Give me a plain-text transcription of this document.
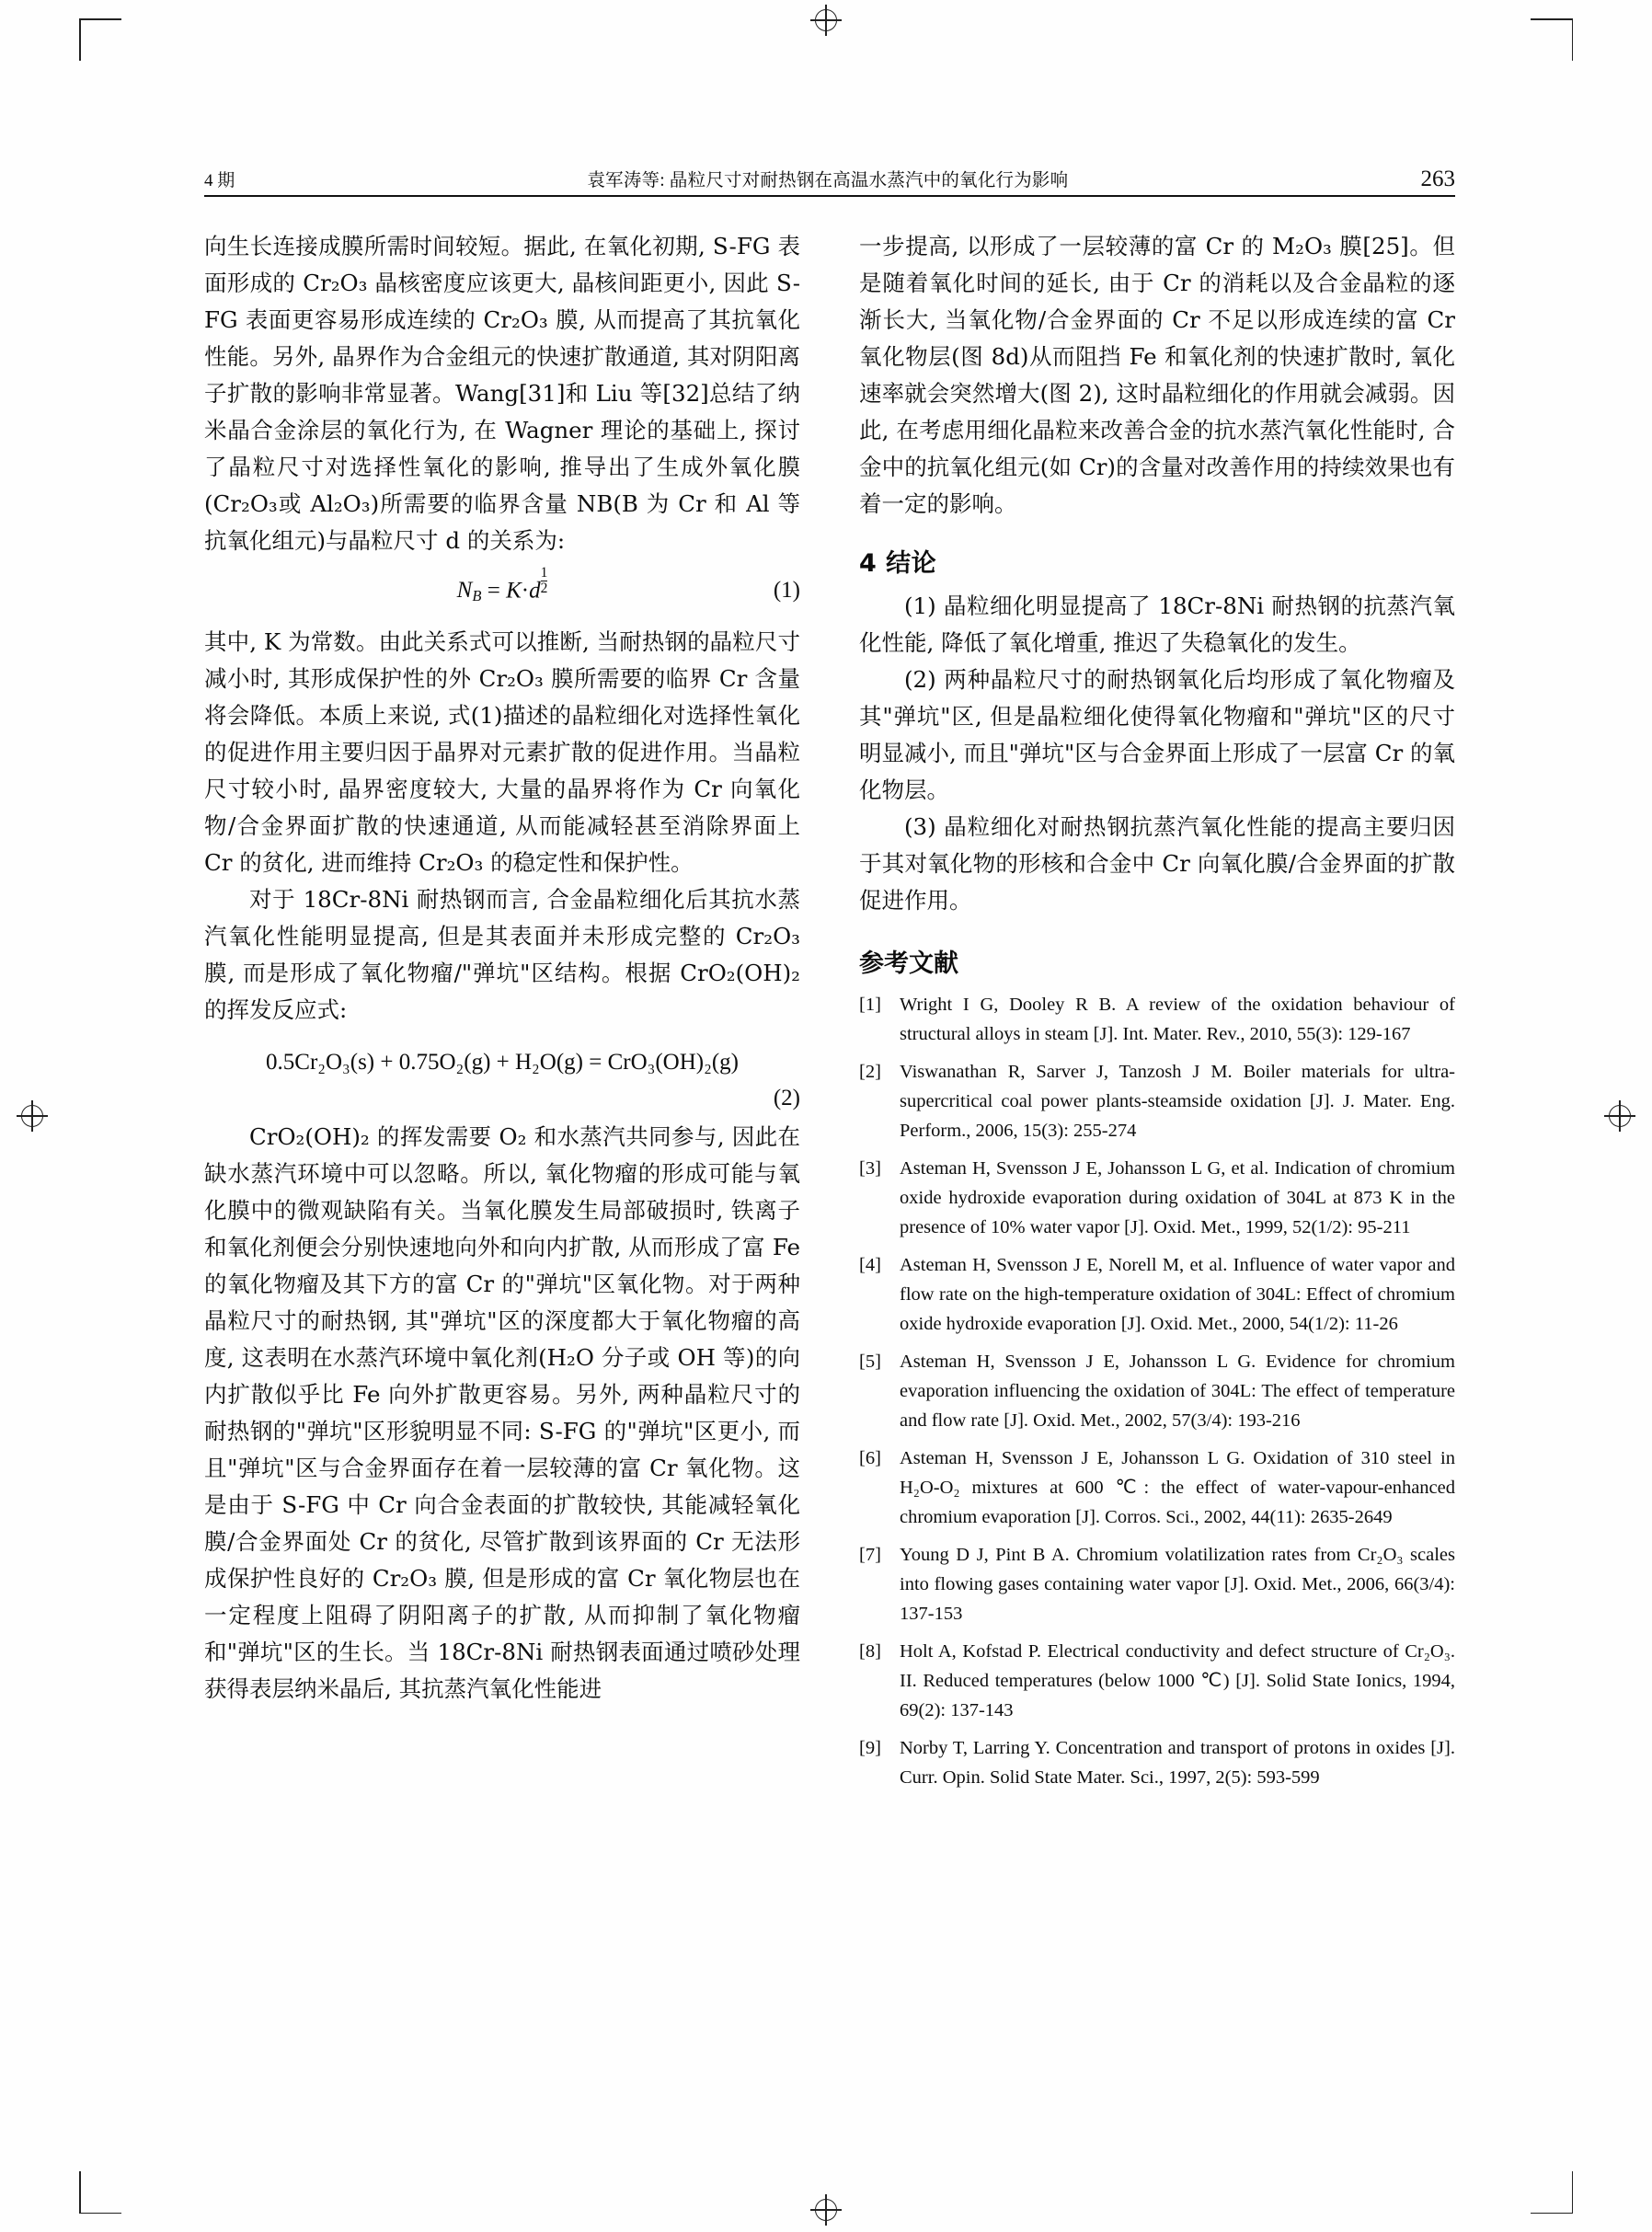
4 期	袁军涛等: 晶粒尺寸对耐热钢在高温水蒸汽中的氧化行为影响	263

向生长连接成膜所需时间较短。据此, 在氧化初期, S-FG 表面形成的 Cr₂O₃ 晶核密度应该更大, 晶核间距更小, 因此 S-FG 表面更容易形成连续的 Cr₂O₃ 膜, 从而提高了其抗氧化性能。另外, 晶界作为合金组元的快速扩散通道, 其对阴阳离子扩散的影响非常显著。Wang[31]和 Liu 等[32]总结了纳米晶合金涂层的氧化行为, 在 Wagner 理论的基础上, 探讨了晶粒尺寸对选择性氧化的影响, 推导出了生成外氧化膜(Cr₂O₃或 Al₂O₃)所需要的临界含量 NB(B 为 Cr 和 Al 等抗氧化组元)与晶粒尺寸 d 的关系为:

$N_B = K\cdot d \frac{1}{2}$	(1)

其中, K 为常数。由此关系式可以推断, 当耐热钢的晶粒尺寸减小时, 其形成保护性的外 Cr₂O₃ 膜所需要的临界 Cr 含量将会降低。本质上来说, 式(1)描述的晶粒细化对选择性氧化的促进作用主要归因于晶界对元素扩散的促进作用。当晶粒尺寸较小时, 晶界密度较大, 大量的晶界将作为 Cr 向氧化物/合金界面扩散的快速通道, 从而能减轻甚至消除界面上 Cr 的贫化, 进而维持 Cr₂O₃ 的稳定性和保护性。

对于 18Cr-8Ni 耐热钢而言, 合金晶粒细化后其抗水蒸汽氧化性能明显提高, 但是其表面并未形成完整的 Cr₂O₃ 膜, 而是形成了氧化物瘤/"弹坑"区结构。根据 CrO₂(OH)₂ 的挥发反应式:

0.5Cr₂O₃(s) + 0.75O₂(g) + H₂O(g) = CrO₃(OH)₂(g)
(2)

CrO₂(OH)₂ 的挥发需要 O₂ 和水蒸汽共同参与, 因此在缺水蒸汽环境中可以忽略。所以, 氧化物瘤的形成可能与氧化膜中的微观缺陷有关。当氧化膜发生局部破损时, 铁离子和氧化剂便会分别快速地向外和向内扩散, 从而形成了富 Fe 的氧化物瘤及其下方的富 Cr 的"弹坑"区氧化物。对于两种晶粒尺寸的耐热钢, 其"弹坑"区的深度都大于氧化物瘤的高度, 这表明在水蒸汽环境中氧化剂(H₂O 分子或 OH 等)的向内扩散似乎比 Fe 向外扩散更容易。另外, 两种晶粒尺寸的耐热钢的"弹坑"区形貌明显不同: S-FG 的"弹坑"区更小, 而且"弹坑"区与合金界面存在着一层较薄的富 Cr 氧化物。这是由于 S-FG 中 Cr 向合金表面的扩散较快, 其能减轻氧化膜/合金界面处 Cr 的贫化, 尽管扩散到该界面的 Cr 无法形成保护性良好的 Cr₂O₃ 膜, 但是形成的富 Cr 氧化物层也在一定程度上阻碍了阴阳离子的扩散, 从而抑制了氧化物瘤和"弹坑"区的生长。当 18Cr-8Ni 耐热钢表面通过喷砂处理获得表层纳米晶后, 其抗蒸汽氧化性能进

一步提高, 以形成了一层较薄的富 Cr 的 M₂O₃ 膜[25]。但是随着氧化时间的延长, 由于 Cr 的消耗以及合金晶粒的逐渐长大, 当氧化物/合金界面的 Cr 不足以形成连续的富 Cr 氧化物层(图 8d)从而阻挡 Fe 和氧化剂的快速扩散时, 氧化速率就会突然增大(图 2), 这时晶粒细化的作用就会减弱。因此, 在考虑用细化晶粒来改善合金的抗水蒸汽氧化性能时, 合金中的抗氧化组元(如 Cr)的含量对改善作用的持续效果也有着一定的影响。

4 结论

(1) 晶粒细化明显提高了 18Cr-8Ni 耐热钢的抗蒸汽氧化性能, 降低了氧化增重, 推迟了失稳氧化的发生。

(2) 两种晶粒尺寸的耐热钢氧化后均形成了氧化物瘤及其"弹坑"区, 但是晶粒细化使得氧化物瘤和"弹坑"区的尺寸明显减小, 而且"弹坑"区与合金界面上形成了一层富 Cr 的氧化物层。

(3) 晶粒细化对耐热钢抗蒸汽氧化性能的提高主要归因于其对氧化物的形核和合金中 Cr 向氧化膜/合金界面的扩散促进作用。

参考文献
[1] Wright I G, Dooley R B. A review of the oxidation behaviour of structural alloys in steam [J]. Int. Mater. Rev., 2010, 55(3): 129-167
[2] Viswanathan R, Sarver J, Tanzosh J M. Boiler materials for ultra-supercritical coal power plants-steamside oxidation [J]. J. Mater. Eng. Perform., 2006, 15(3): 255-274
[3] Asteman H, Svensson J E, Johansson L G, et al. Indication of chromium oxide hydroxide evaporation during oxidation of 304L at 873 K in the presence of 10% water vapor [J]. Oxid. Met., 1999, 52(1/2): 95-211
[4] Asteman H, Svensson J E, Norell M, et al. Influence of water vapor and flow rate on the high-temperature oxidation of 304L: Effect of chromium oxide hydroxide evaporation [J]. Oxid. Met., 2000, 54(1/2): 11-26
[5] Asteman H, Svensson J E, Johansson L G. Evidence for chromium evaporation influencing the oxidation of 304L: The effect of temperature and flow rate [J]. Oxid. Met., 2002, 57(3/4): 193-216
[6] Asteman H, Svensson J E, Johansson L G. Oxidation of 310 steel in H₂O-O₂ mixtures at 600 ℃: the effect of water-vapour-enhanced chromium evaporation [J]. Corros. Sci., 2002, 44(11): 2635-2649
[7] Young D J, Pint B A. Chromium volatilization rates from Cr₂O₃ scales into flowing gases containing water vapor [J]. Oxid. Met., 2006, 66(3/4): 137-153
[8] Holt A, Kofstad P. Electrical conductivity and defect structure of Cr₂O₃. II. Reduced temperatures (below 1000 ℃) [J]. Solid State Ionics, 1994, 69(2): 137-143
[9] Norby T, Larring Y. Concentration and transport of protons in oxides [J]. Curr. Opin. Solid State Mater. Sci., 1997, 2(5): 593-599
